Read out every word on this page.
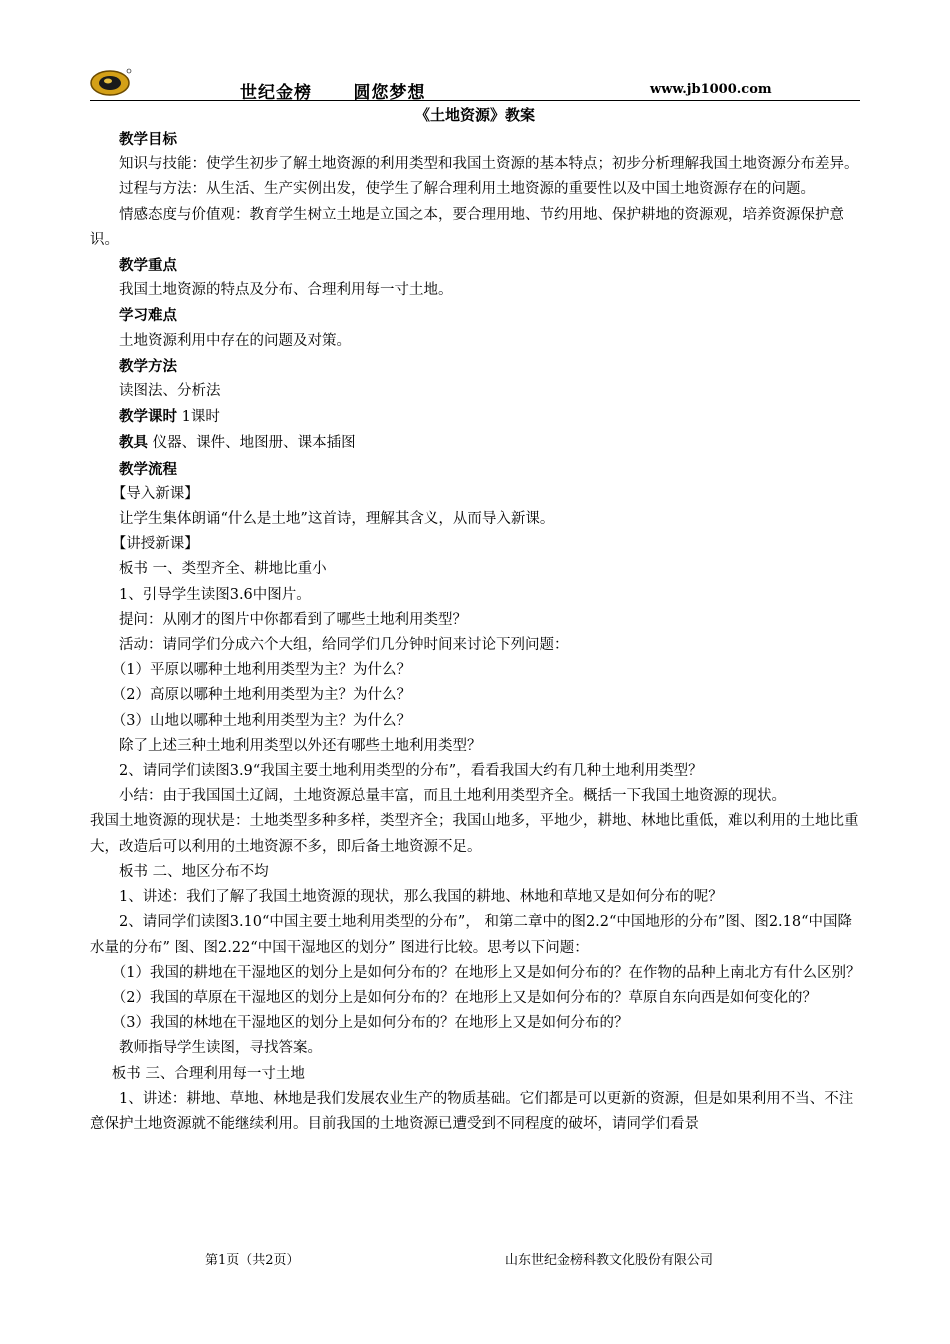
世纪金榜      圆您梦想	www.jb1000.com
《土地资源》教案

教学目标

知识与技能：使学生初步了解土地资源的利用类型和我国土资源的基本特点；初步分析理解我国土地资源分布差异。

过程与方法：从生活、生产实例出发，使学生了解合理利用土地资源的重要性以及中国土地资源存在的问题。

情感态度与价值观：教育学生树立土地是立国之本，要合理用地、节约用地、保护耕地的资源观，培养资源保护意识。

教学重点

我国土地资源的特点及分布、合理利用每一寸土地。

学习难点

土地资源利用中存在的问题及对策。

教学方法

读图法、分析法

教学课时 1课时

教具 仪器、课件、地图册、课本插图

教学流程

【导入新课】

让学生集体朗诵“什么是土地”这首诗，理解其含义，从而导入新课。

【讲授新课】

板书 一、类型齐全、耕地比重小

1、引导学生读图3.6中图片。

提问：从刚才的图片中你都看到了哪些土地利用类型？

活动：请同学们分成六个大组，给同学们几分钟时间来讨论下列问题：

（1）平原以哪种土地利用类型为主？为什么？

（2）高原以哪种土地利用类型为主？为什么？

（3）山地以哪种土地利用类型为主？为什么？

除了上述三种土地利用类型以外还有哪些土地利用类型？

2、请同学们读图3.9“我国主要土地利用类型的分布”，看看我国大约有几种土地利用类型？

小结：由于我国国土辽阔，土地资源总量丰富，而且土地利用类型齐全。概括一下我国土地资源的现状。

我国土地资源的现状是：土地类型多种多样，类型齐全；我国山地多，平地少，耕地、林地比重低，难以利用的土地比重大，改造后可以利用的土地资源不多，即后备土地资源不足。

板书 二、地区分布不均

1、讲述：我们了解了我国土地资源的现状，那么我国的耕地、林地和草地又是如何分布的呢？

2、请同学们读图3.10“中国主要土地利用类型的分布”， 和第二章中的图2.2“中国地形的分布”图、图2.18“中国降水量的分布” 图、图2.22“中国干湿地区的划分” 图进行比较。思考以下问题：

（1）我国的耕地在干湿地区的划分上是如何分布的？在地形上又是如何分布的？在作物的品种上南北方有什么区别？

（2）我国的草原在干湿地区的划分上是如何分布的？在地形上又是如何分布的？草原自东向西是如何变化的？

（3）我国的林地在干湿地区的划分上是如何分布的？在地形上又是如何分布的？

教师指导学生读图，寻找答案。

板书 三、合理利用每一寸土地

1、讲述：耕地、草地、林地是我们发展农业生产的物质基础。它们都是可以更新的资源，但是如果利用不当、不注意保护土地资源就不能继续利用。目前我国的土地资源已遭受到不同程度的破坏，请同学们看景

第1页（共2页）	山东世纪金榜科教文化股份有限公司
